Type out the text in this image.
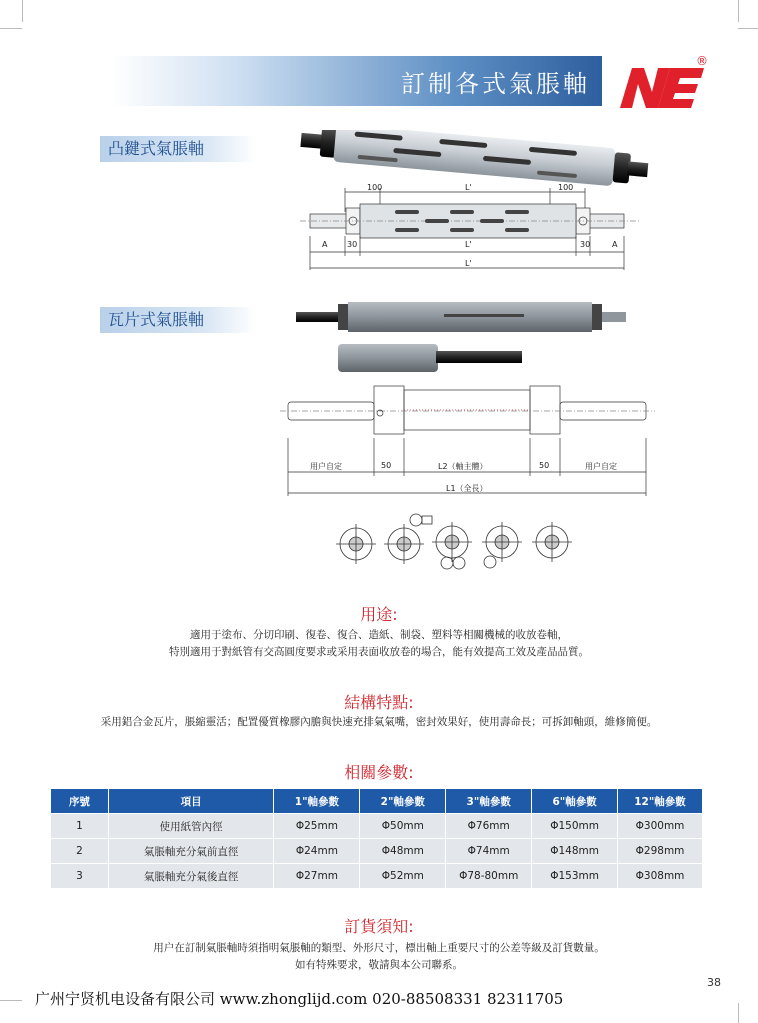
訂制各式氣脹軸
®
凸鍵式氣脹軸
100	L'	100
A 30	L'	30	A
L'
瓦片式氣脹軸
用户自定	50	L2（軸主體）	50	用户自定
L1（全長）
用途:
適用于塗布、分切印刷、復卷、復合、造紙、制袋、塑料等相關機械的收放卷軸，
特別適用于對紙管有交高圓度要求或采用表面收放卷的場合，能有效提高工效及產品品質。
結構特點:
采用鋁合金瓦片，脹縮靈活；配置優質橡膠內膽與快速充排氣氣嘴，密封效果好，使用壽命長；可拆卸軸頭，維修簡便。
相關參數:
序號	項目	1"軸參數	2"軸參數	3"軸參數	6"軸參數	12"軸參數
1	使用紙管內徑	Φ25mm	Φ50mm	Φ76mm	Φ150mm	Φ300mm
2	氣脹軸充分氣前直徑	Φ24mm	Φ48mm	Φ74mm	Φ148mm	Φ298mm
3	氣脹軸充分氣後直徑	Φ27mm	Φ52mm	Φ78-80mm	Φ153mm	Φ308mm
訂貨須知:
用户在訂制氣脹軸時須指明氣脹軸的類型、外形尺寸，標出軸上重要尺寸的公差等級及訂貨數量。
如有特殊要求，敬請與本公司聯系。
广州宁贤机电设备有限公司 www.zhonglijd.com 020-88508331 82311705
38
